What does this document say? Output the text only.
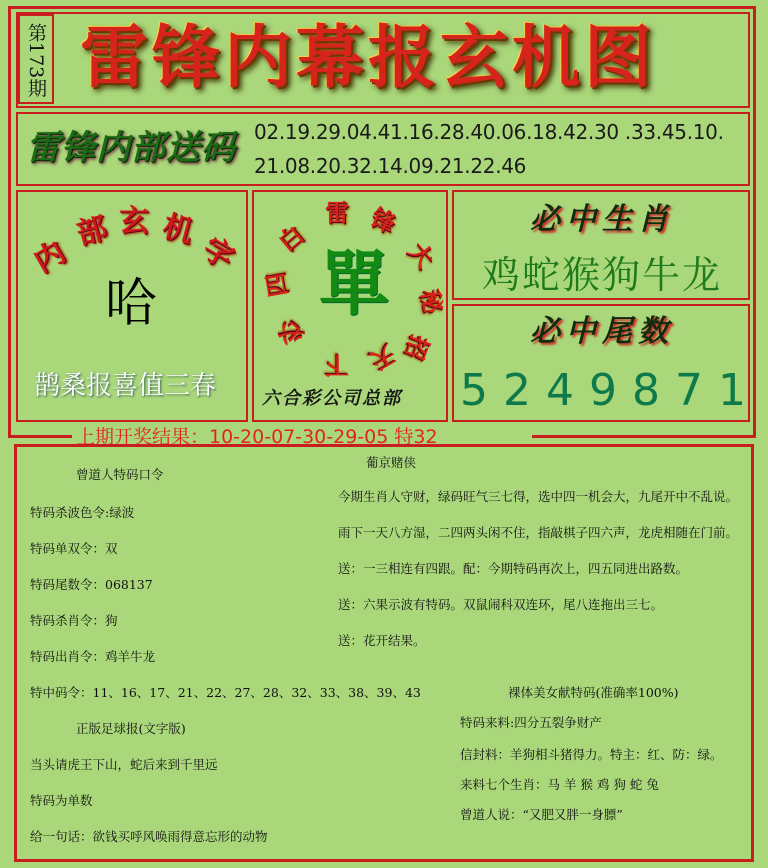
第173期 雷锋内幕报玄机图
雷锋内部送码 02.19.29.04.41.16.28.40.06.18.42.30 .33.45.10.
21.08.20.32.14.09.21.22.46
内
部 玄 机
字
哈
鹊桑报喜值三春
白
雷 锋
大
秘
招
天
下
必
四 單
六合彩公司总部
必中生肖
鸡蛇猴狗牛龙
必中尾数
5249871
上期开奖结果：10-20-07-30-29-05 特32
曾道人特码口令
特码杀波色令:绿波
特码单双令：双
特码尾数令：068137
特码杀肖令：狗
特码出肖令：鸡羊牛龙
特中码令：11、16、17、21、22、27、28、32、33、38、39、43
正版足球报(文字版)
当头请虎王下山，蛇后来到千里远
特码为单数
给一句话：欲钱买呼风唤雨得意忘形的动物
葡京赌侠
今期生肖人守财，绿码旺气三七得，选中四一机会大，九尾开中不乱说。
雨下一天八方湿，二四两头闲不住，指敲棋子四六声，龙虎相随在门前。
送：一三相连有四跟。配：今期特码再次上，四五同进出路数。
送：六果示波有特码。双鼠闹科双连环，尾八连拖出三七。
送：花开结果。
裸体美女献特码(准确率100%)
特码来料:四分五裂争财产
信封料：羊狗相斗猪得力。特主：红、防：绿。
来料七个生肖：马 羊 猴 鸡 狗 蛇 兔
曾道人说：“又肥又胖一身膘”
